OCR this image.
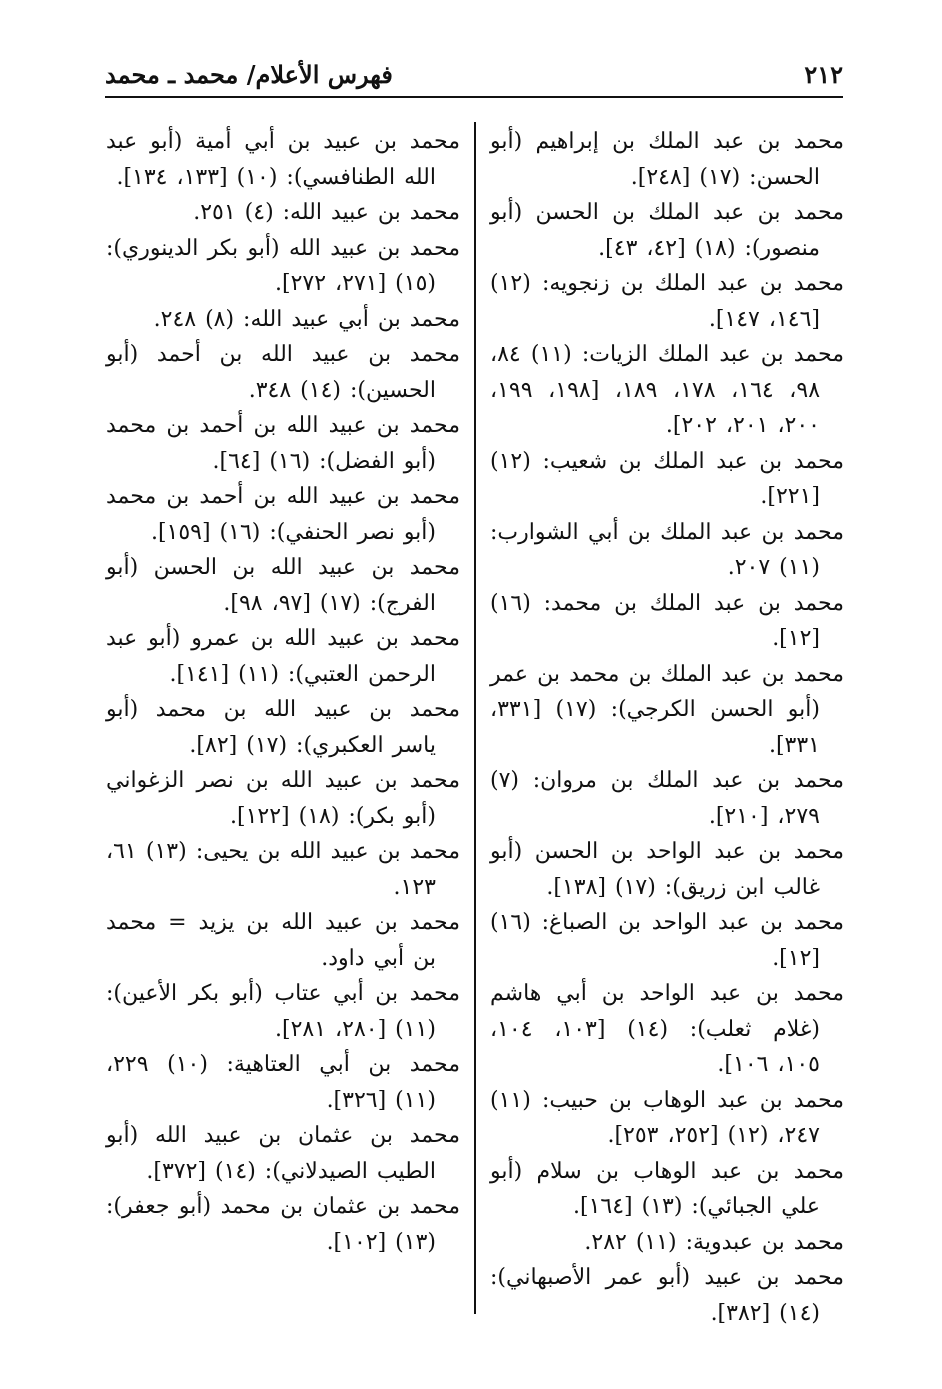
٢١٢
فهرس الأعلام/ محمد ـ محمد

محمد بن عبد الملك بن إبراهيم (أبو الحسن: (١٧) [٢٤٨].

محمد بن عبد الملك بن الحسن (أبو منصور): (١٨) [٤٢، ٤٣].

محمد بن عبد الملك بن زنجويه: (١٢) [١٤٦، ١٤٧].

محمد بن عبد الملك الزيات: (١١) ٨٤، ٩٨، ١٦٤، ١٧٨، ١٨٩، [١٩٨، ١٩٩، ٢٠٠، ٢٠١، ٢٠٢].

محمد بن عبد الملك بن شعيب: (١٢) [٢٢١].

محمد بن عبد الملك بن أبي الشوارب: (١١) ٢٠٧.

محمد بن عبد الملك بن محمد: (١٦) [١٢].

محمد بن عبد الملك بن محمد بن عمر (أبو الحسن الكرجي): (١٧) [٣٣١، ٣٣١].

محمد بن عبد الملك بن مروان: (٧) ٢٧٩، [٢١٠].

محمد بن عبد الواحد بن الحسن (أبو غالب ابن زريق): (١٧) [١٣٨].

محمد بن عبد الواحد بن الصباغ: (١٦) [١٢].

محمد بن عبد الواحد بن أبي هاشم (غلام ثعلب): (١٤) [١٠٣، ١٠٤، ١٠٥، ١٠٦].

محمد بن عبد الوهاب بن حبيب: (١١) ٢٤٧، (١٢) [٢٥٢، ٢٥٣].

محمد بن عبد الوهاب بن سلام (أبو علي الجبائي): (١٣) [١٦٤].

محمد بن عبدوية: (١١) ٢٨٢.

محمد بن عبيد (أبو عمر الأصبهاني): (١٤) [٣٨٢].

محمد بن عبيد بن أبي أمية (أبو عبد الله الطنافسي): (١٠) [١٣٣، ١٣٤].

محمد بن عبيد الله: (٤) ٢٥١.

محمد بن عبيد الله (أبو بكر الدينوري): (١٥) [٢٧١، ٢٧٢].

محمد بن أبي عبيد الله: (٨) ٢٤٨.

محمد بن عبيد الله بن أحمد (أبو الحسين): (١٤) ٣٤٨.

محمد بن عبيد الله بن أحمد بن محمد (أبو الفضل): (١٦) [٦٤].

محمد بن عبيد الله بن أحمد بن محمد (أبو نصر الحنفي): (١٦) [١٥٩].

محمد بن عبيد الله بن الحسن (أبو الفرج): (١٧) [٩٧، ٩٨].

محمد بن عبيد الله بن عمرو (أبو عبد الرحمن العتبي): (١١) [١٤١].

محمد بن عبيد الله بن محمد (أبو ياسر العكبري): (١٧) [٨٢].

محمد بن عبيد الله بن نصر الزغواني (أبو بكر): (١٨) [١٢٢].

محمد بن عبيد الله بن يحيى: (١٣) ٦١، ١٢٣.

محمد بن عبيد الله بن يزيد = محمد بن أبي داود.

محمد بن أبي عتاب (أبو بكر الأعين): (١١) [٢٨٠، ٢٨١].

محمد بن أبي العتاهية: (١٠) ٢٢٩، (١١) [٣٢٦].

محمد بن عثمان بن عبيد الله (أبو الطيب الصيدلاني): (١٤) [٣٧٢].

محمد بن عثمان بن محمد (أبو جعفر): (١٣) [١٠٢].
